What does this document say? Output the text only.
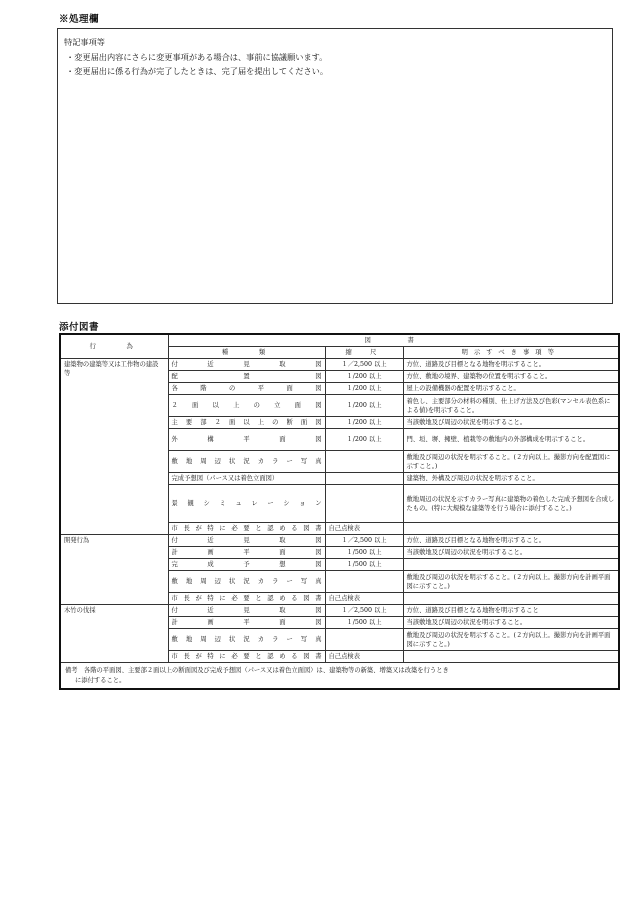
※処理欄
特記事項等
・変更届出内容にさらに変更事項がある場合は、事前に協議願います。
・変更届出に係る行為が完了したときは、完了届を提出してください。
添付図書
行　　為	図　　書		
	種　　類	縮　尺	明示すべき事項等
建築物の建築等又は工作物の建設等	付近見取図	１／2,500 以上	方位、道路及び目標となる地物を明示すること。
	配置図	１/200 以上	方位、敷地の境界、建築物の位置を明示すること。
	各階の平面図	１/200 以上	屋上の設備機器の配置を明示すること。
	２面以上の立面図	１/200 以上	着色し、主要部分の材料の種別、仕上げ方法及び色彩(マンセル表色系による値)を明示すること。
	主要部２面以上の断面図	１/200 以上	当該敷地及び周辺の状況を明示すること。
	外構平面図	１/200 以上	門、垣、塀、擁壁、植栽等の敷地内の外部構成を明示すること。
	敷地周辺状況カラー写真		敷地及び周辺の状況を明示すること。(２方向以上。撮影方向を配置図に示すこと。)
	完成予想図（パース又は着色立面図）		建築物、外構及び周辺の状況を明示すること。
	景観シミュレーション		敷地周辺の状況を示すカラー写真に建築物の着色した完成予想図を合成したもの。(特に大規模な建築等を行う場合に添付すること。)
	市長が特に必要と認める図書	自己点検表	
開発行為	付近見取図	１／2,500 以上	方位、道路及び目標となる地物を明示すること。
	計画平面図	１/500 以上	当該敷地及び周辺の状況を明示すること。
	完成予想図	１/500 以上	
	敷地周辺状況カラー写真		敷地及び周辺の状況を明示すること。(２方向以上。撮影方向を計画平面図に示すこと。)
	市長が特に必要と認める図書	自己点検表	
木竹の伐採	付近見取図	１／2,500 以上	方位、道路及び目標となる地物を明示すること
	計画平面図	１/500 以上	当該敷地及び周辺の状況を明示すること。
	敷地周辺状況カラー写真		敷地及び周辺の状況を明示すること。(２方向以上。撮影方向を計画平面図に示すこと。)
	市長が特に必要と認める図書	自己点検表	

備考　各階の平面図、主要部２面以上の断面図及び完成予想図（パース又は着色立面図）は、建築物等の新築、増築又は改築を行うとき
に添付すること。			
